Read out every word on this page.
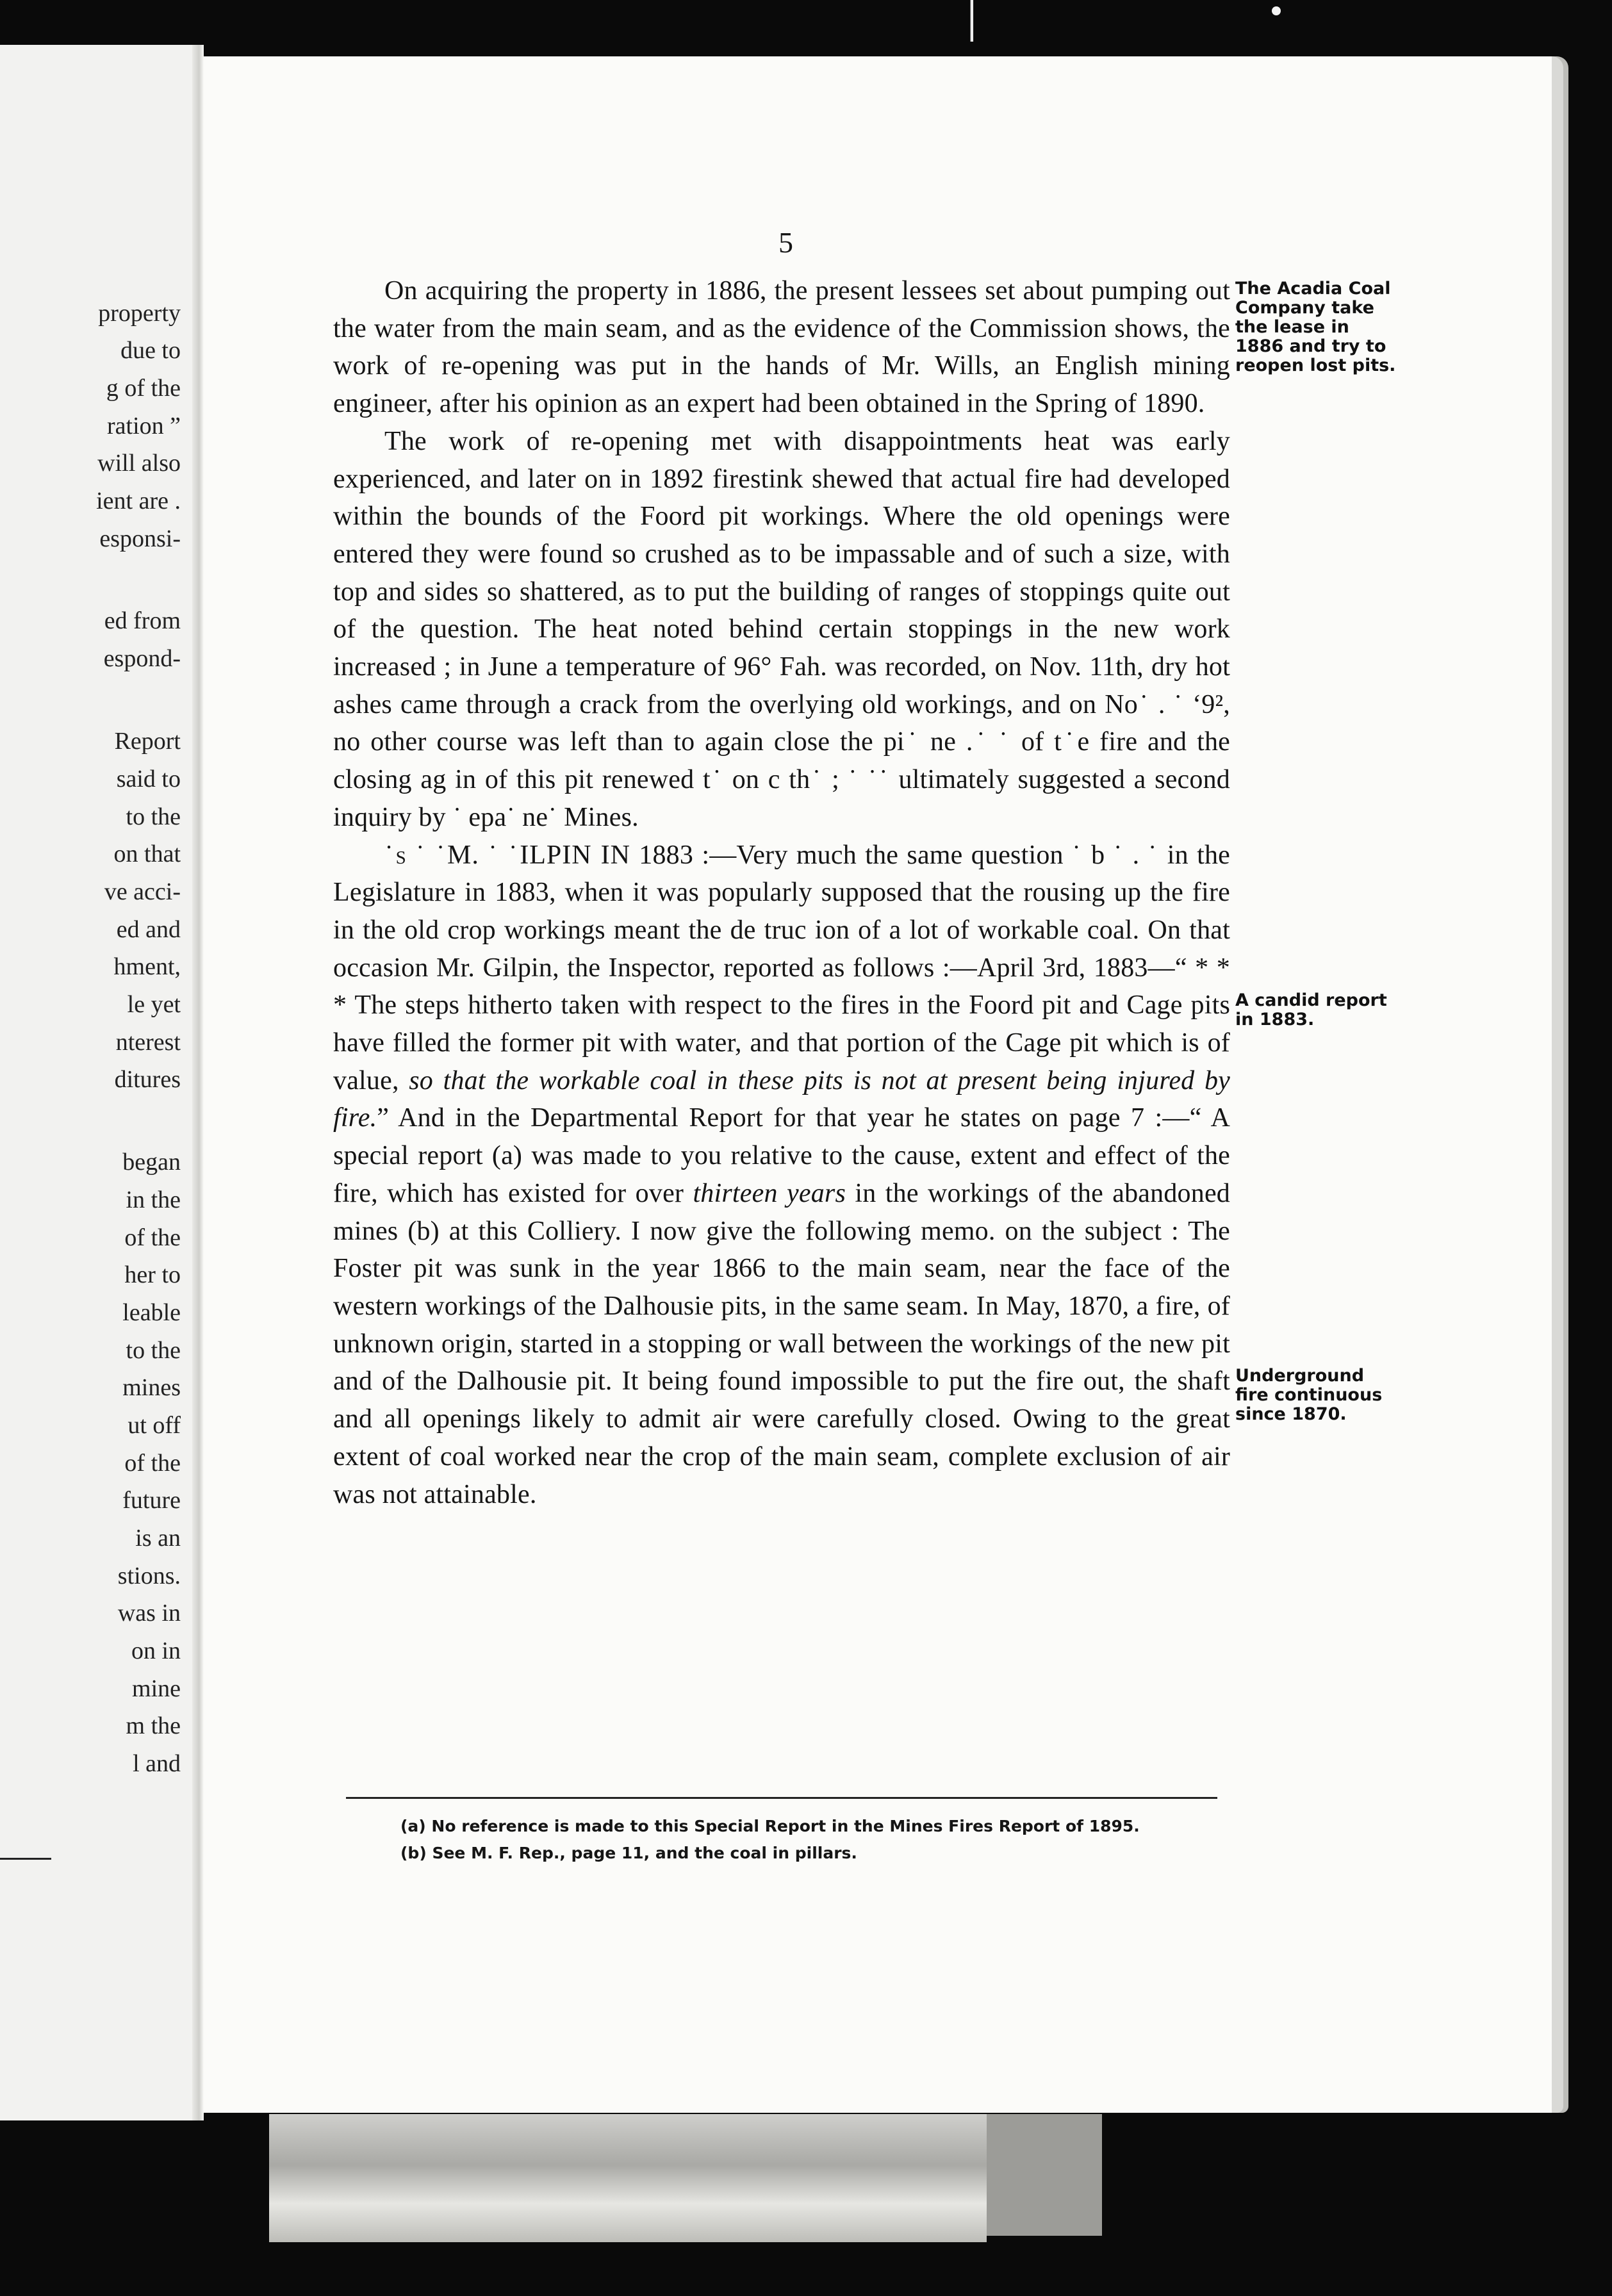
property
due to
g of the
ration ”
will also
ient are .
esponsi-
ed from
espond-
Report
said to
to the
on that
ve acci-
ed and
hment,
le yet
nterest
ditures
began
in the
of the
her to
leable
to the
mines
ut off
of the
future
is an
stions.
was in
on in
mine
m the
l and
│
5

On acquiring the property in 1886, the present lessees set about pumping out the water from the main seam, and as the evidence of the Commission shows, the work of re-opening was put in the hands of Mr. Wills, an English mining engineer, after his opinion as an expert had been obtained in the Spring of 1890.

The work of re-opening met with disappointments heat was early experienced, and later on in 1892 firestink shewed that actual fire had developed within the bounds of the Foord pit workings. Where the old openings were entered they were found so crushed as to be impassable and of such a size, with top and sides so shattered, as to put the building of ranges of stoppings quite out of the question. The heat noted behind certain stoppings in the new work increased ; in June a temperature of 96° Fah. was recorded, on Nov. 11th, dry hot ashes came through a crack from the overlying old workings, and on No˙ . ˙ ‘9², no other course was left than to again close the pi˙ ne .˙ ˙ of t˙e fire and the closing ag in of this pit renewed t˙ on c th˙ ; ˙ ˙˙ ultimately suggested a second inquiry by ˙ epa˙ ne˙ Mines.

˙s ˙ ˙M. ˙ ˙ILPIN IN 1883 :—Very much the same question ˙ b ˙ . ˙ in the Legislature in 1883, when it was popularly supposed that the rousing up the fire in the old crop workings meant the de truc ion of a lot of workable coal. On that occasion Mr. Gilpin, the Inspector, reported as follows :—April 3rd, 1883—“ * * * The steps hitherto taken with respect to the fires in the Foord pit and Cage pits have filled the former pit with water, and that portion of the Cage pit which is of value, so that the workable coal in these pits is not at present being injured by fire.” And in the Departmental Report for that year he states on page 7 :—“ A special report (a) was made to you relative to the cause, extent and effect of the fire, which has existed for over thirteen years in the workings of the abandoned mines (b) at this Colliery. I now give the following memo. on the subject : The Foster pit was sunk in the year 1866 to the main seam, near the face of the western workings of the Dalhousie pits, in the same seam. In May, 1870, a fire, of unknown origin, started in a stopping or wall between the workings of the new pit and of the Dalhousie pit. It being found impossible to put the fire out, the shaft and all openings likely to admit air were carefully closed. Owing to the great extent of coal worked near the crop of the main seam, complete exclusion of air was not attainable.

The Acadia Coal Company take the lease in 1886 and try to reopen lost pits.
A candid report in 1883.
Underground fire continuous since 1870.
(a) No reference is made to this Special Report in the Mines Fires Report of 1895.
(b) See M. F. Rep., page 11, and the coal in pillars.
